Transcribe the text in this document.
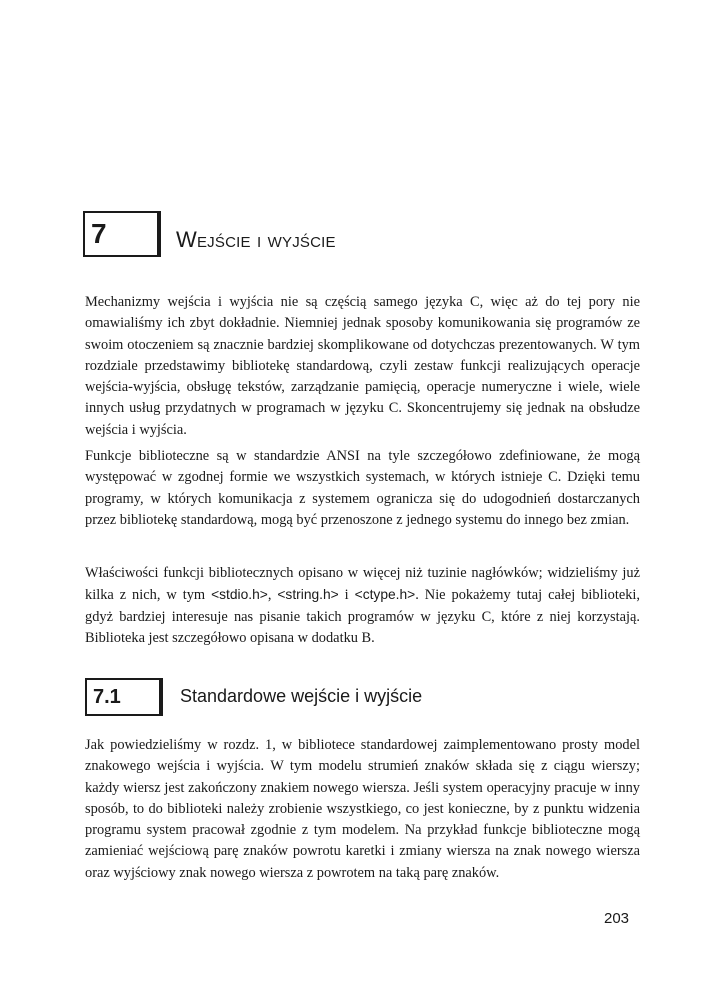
7	Wejście i wyjście

Mechanizmy wejścia i wyjścia nie są częścią samego języka C, więc aż do tej pory nie omawialiśmy ich zbyt dokładnie. Niemniej jednak sposoby komunikowania się programów ze swoim otoczeniem są znacznie bardziej skomplikowane od dotychczas prezentowanych. W tym rozdziale przedstawimy bibliotekę standardową, czyli zestaw funkcji realizujących operacje wejścia-wyjścia, obsługę tekstów, zarządzanie pamięcią, operacje numeryczne i wiele, wiele innych usług przydatnych w programach w języku C. Skoncentrujemy się jednak na obsłudze wejścia i wyjścia.

Funkcje biblioteczne są w standardzie ANSI na tyle szczegółowo zdefiniowane, że mogą występować w zgodnej formie we wszystkich systemach, w których istnieje C. Dzięki temu programy, w których komunikacja z systemem ogranicza się do udogodnień dostarczanych przez bibliotekę standardową, mogą być przenoszone z jednego systemu do innego bez zmian.

Właściwości funkcji bibliotecznych opisano w więcej niż tuzinie nagłówków; widzieliśmy już kilka z nich, w tym <stdio.h>, <string.h> i <ctype.h>. Nie pokażemy tutaj całej biblioteki, gdyż bardziej interesuje nas pisanie takich programów w języku C, które z niej korzystają. Biblioteka jest szczegółowo opisana w dodatku B.

7.1	Standardowe wejście i wyjście

Jak powiedzieliśmy w rozdz. 1, w bibliotece standardowej zaimplementowano prosty model znakowego wejścia i wyjścia. W tym modelu strumień znaków składa się z ciągu wierszy; każdy wiersz jest zakończony znakiem nowego wiersza. Jeśli system operacyjny pracuje w inny sposób, to do biblioteki należy zrobienie wszystkiego, co jest konieczne, by z punktu widzenia programu system pracował zgodnie z tym modelem. Na przykład funkcje biblioteczne mogą zamieniać wejściową parę znaków powrotu karetki i zmiany wiersza na znak nowego wiersza oraz wyjściowy znak nowego wiersza z powrotem na taką parę znaków.

203
